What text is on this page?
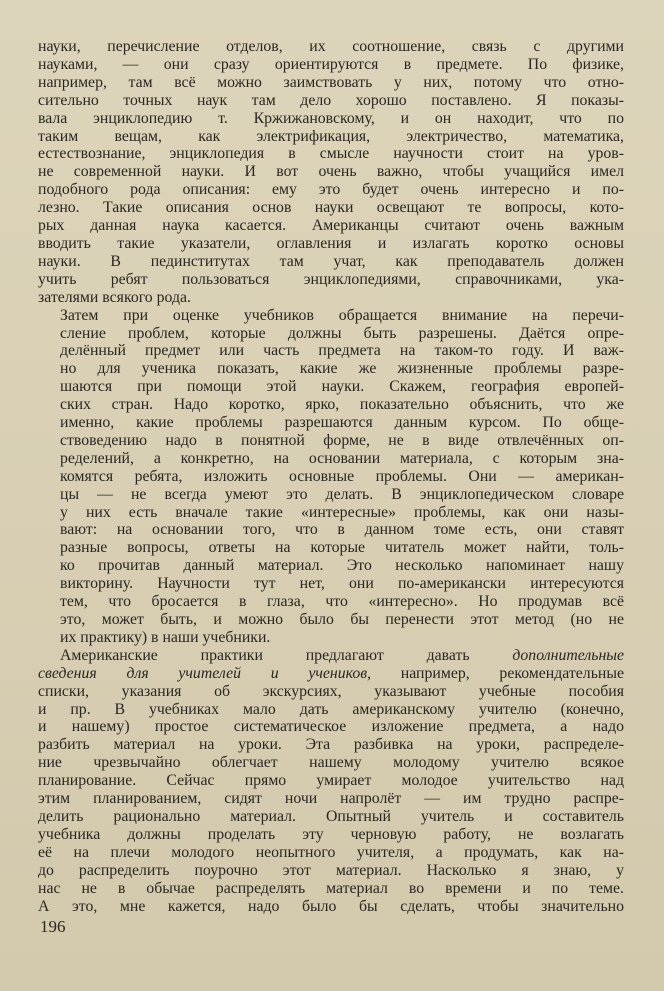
науки, перечисление отделов, их соотношение, связь с другими
науками, — они сразу ориентируются в предмете. По физике,
например, там всё можно заимствовать у них, потому что отно-
сительно точных наук там дело хорошо поставлено. Я показы-
вала энциклопедию т. Кржижановскому, и он находит, что по
таким вещам, как электрификация, электричество, математика,
естествознание, энциклопедия в смысле научности стоит на уров-
не современной науки. И вот очень важно, чтобы учащийся имел
подобного рода описания: ему это будет очень интересно и по-
лезно. Такие описания основ науки освещают те вопросы, кото-
рых данная наука касается. Американцы считают очень важным
вводить такие указатели, оглавления и излагать коротко основы
науки. В пединститутах там учат, как преподаватель должен
учить ребят пользоваться энциклопедиями, справочниками, ука-
зателями всякого рода.

Затем при оценке учебников обращается внимание на перечи-
сление проблем, которые должны быть разрешены. Даётся опре-
делённый предмет или часть предмета на таком-то году. И важ-
но для ученика показать, какие же жизненные проблемы разре-
шаются при помощи этой науки. Скажем, география европей-
ских стран. Надо коротко, ярко, показательно объяснить, что же
именно, какие проблемы разрешаются данным курсом. По обще-
ствоведению надо в понятной форме, не в виде отвлечённых оп-
ределений, а конкретно, на основании материала, с которым зна-
комятся ребята, изложить основные проблемы. Они — американ-
цы — не всегда умеют это делать. В энциклопедическом словаре
у них есть вначале такие «интересные» проблемы, как они назы-
вают: на основании того, что в данном томе есть, они ставят
разные вопросы, ответы на которые читатель может найти, толь-
ко прочитав данный материал. Это несколько напоминает нашу
викторину. Научности тут нет, они по-американски интересуются
тем, что бросается в глаза, что «интересно». Но продумав всё
это, может быть, и можно было бы перенести этот метод (но не
их практику) в наши учебники.

Американские практики предлагают давать дополнительные
сведения для учителей и учеников, например, рекомендательные
списки, указания об экскурсиях, указывают учебные пособия
и пр. В учебниках мало дать американскому учителю (конечно,
и нашему) простое систематическое изложение предмета, а надо
разбить материал на уроки. Эта разбивка на уроки, распределе-
ние чрезвычайно облегчает нашему молодому учителю всякое
планирование. Сейчас прямо умирает молодое учительство над
этим планированием, сидят ночи напролёт — им трудно распре-
делить рационально материал. Опытный учитель и составитель
учебника должны проделать эту черновую работу, не возлагать
её на плечи молодого неопытного учителя, а продумать, как на-
до распределить поурочно этот материал. Насколько я знаю, у
нас не в обычае распределять материал во времени и по теме.
А это, мне кажется, надо было бы сделать, чтобы значительно

196
